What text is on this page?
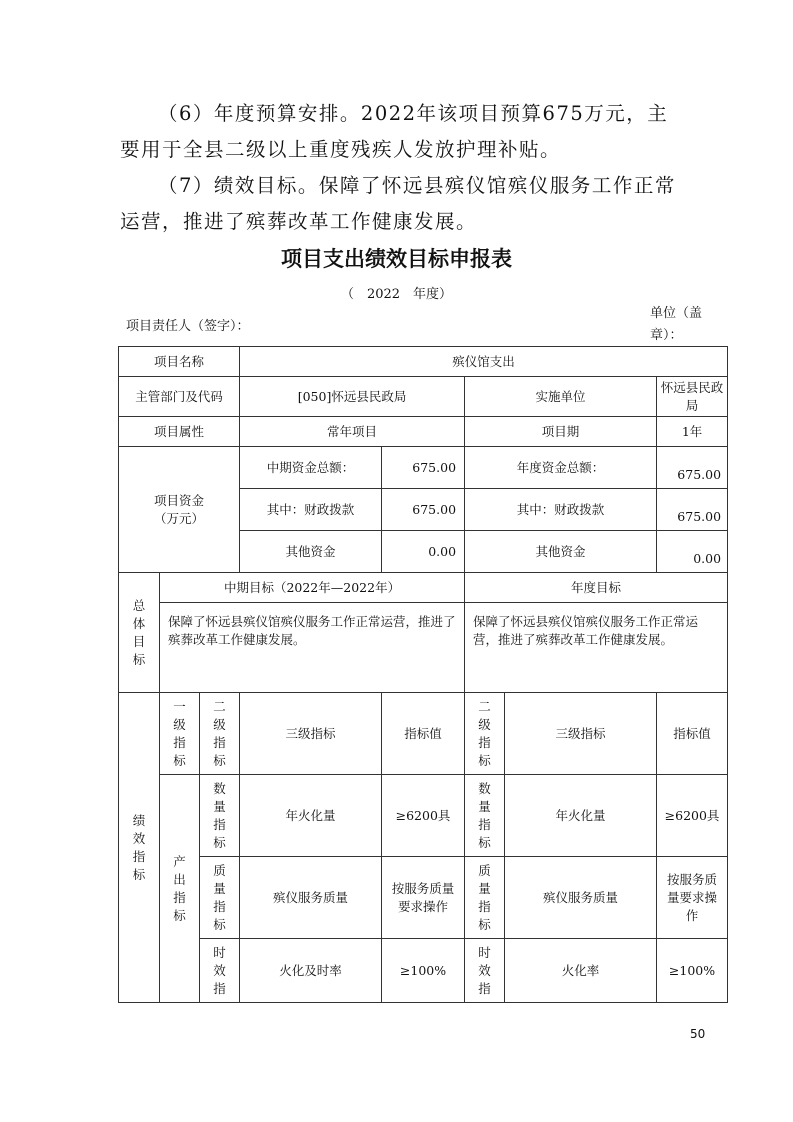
（6）年度预算安排。2022年该项目预算675万元，主要用于全县二级以上重度残疾人发放护理补贴。

（7）绩效目标。保障了怀远县殡仪馆殡仪服务工作正常运营，推进了殡葬改革工作健康发展。

项目支出绩效目标申报表
（　2022　年度）
项目责任人（签字）：
单位（盖章）：
项目名称			殡仪馆支出				
主管部门及代码			[050]怀远县民政局		实施单位		怀远县民政局
项目属性			常年项目		项目期		1年
项目资金（万元）			中期资金总额：	675.00	年度资金总额：		675.00
			其中：财政拨款	675.00	其中：财政拨款		675.00
			其他资金	0.00	其他资金		0.00
总体目标	中期目标（2022年—2022年）				年度目标		
	保障了怀远县殡仪馆殡仪服务工作正常运营，推进了殡葬改革工作健康发展。				保障了怀远县殡仪馆殡仪服务工作正常运营，推进了殡葬改革工作健康发展。		
绩效指标	一级指标	二级指标	三级指标	指标值	二级指标	三级指标	指标值
	产出指标	数量指标	年火化量	≥6200具	数量指标	年火化量	≥6200具
		质量指标	殡仪服务质量	按服务质量要求操作	质量指标	殡仪服务质量	按服务质量要求操作
		时效指	火化及时率	≥100%	时效指	火化率	≥100%
50
